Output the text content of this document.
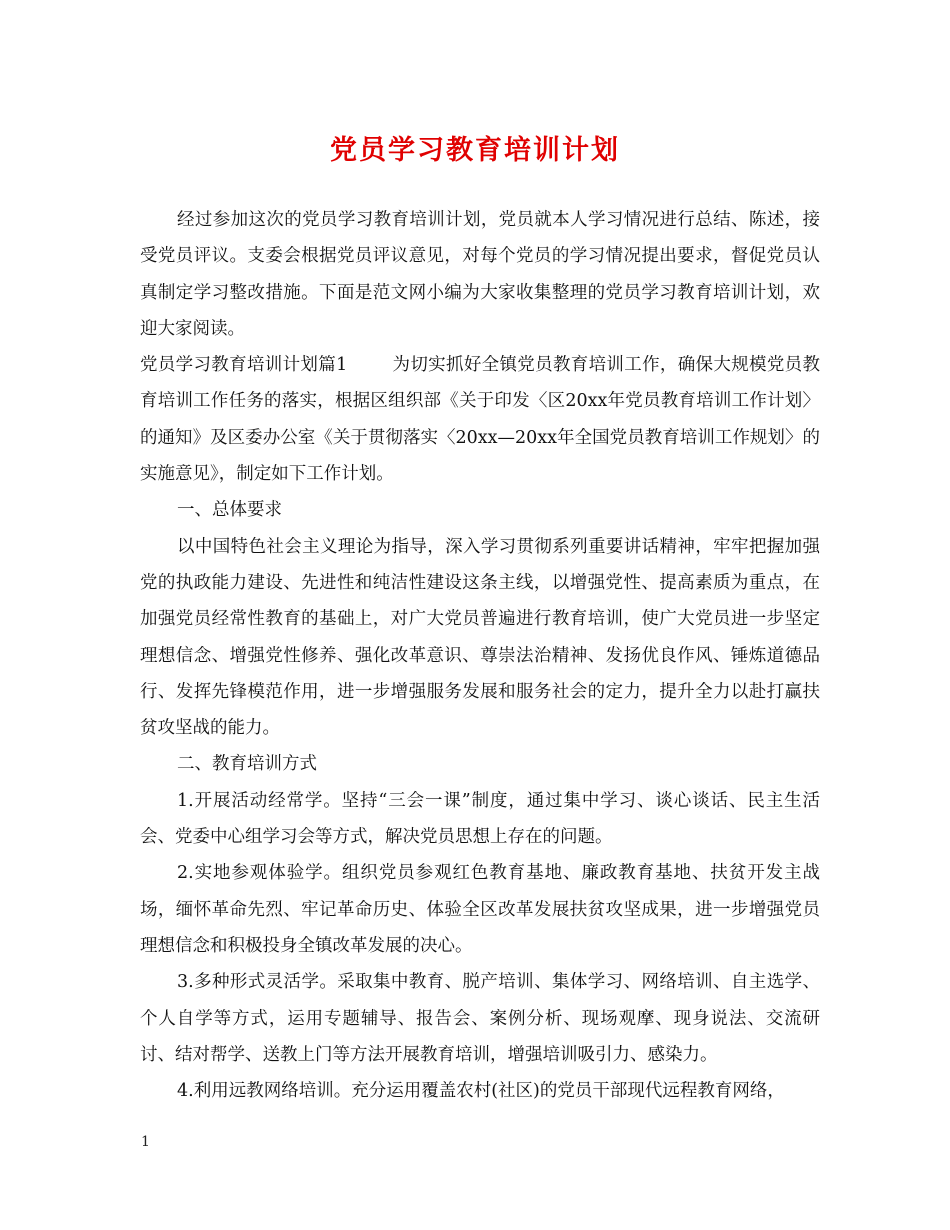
党员学习教育培训计划

经过参加这次的党员学习教育培训计划，党员就本人学习情况进行总结、陈述，接受党员评议。支委会根据党员评议意见，对每个党员的学习情况提出要求，督促党员认真制定学习整改措施。下面是范文网小编为大家收集整理的党员学习教育培训计划，欢迎大家阅读。

党员学习教育培训计划篇1	为切实抓好全镇党员教育培训工作，确保大规模党员教育培训工作任务的落实，根据区组织部《关于印发〈区20xx年党员教育培训工作计划〉的通知》及区委办公室《关于贯彻落实〈20xx—20xx年全国党员教育培训工作规划〉的实施意见》，制定如下工作计划。

一、总体要求

以中国特色社会主义理论为指导，深入学习贯彻系列重要讲话精神，牢牢把握加强党的执政能力建设、先进性和纯洁性建设这条主线，以增强党性、提高素质为重点，在加强党员经常性教育的基础上，对广大党员普遍进行教育培训，使广大党员进一步坚定理想信念、增强党性修养、强化改革意识、尊崇法治精神、发扬优良作风、锤炼道德品行、发挥先锋模范作用，进一步增强服务发展和服务社会的定力，提升全力以赴打赢扶贫攻坚战的能力。

二、教育培训方式

1.开展活动经常学。坚持“三会一课”制度，通过集中学习、谈心谈话、民主生活会、党委中心组学习会等方式，解决党员思想上存在的问题。

2.实地参观体验学。组织党员参观红色教育基地、廉政教育基地、扶贫开发主战场，缅怀革命先烈、牢记革命历史、体验全区改革发展扶贫攻坚成果，进一步增强党员理想信念和积极投身全镇改革发展的决心。

3.多种形式灵活学。采取集中教育、脱产培训、集体学习、网络培训、自主选学、个人自学等方式，运用专题辅导、报告会、案例分析、现场观摩、现身说法、交流研讨、结对帮学、送教上门等方法开展教育培训，增强培训吸引力、感染力。

4.利用远教网络培训。充分运用覆盖农村(社区)的党员干部现代远程教育网络，

1
